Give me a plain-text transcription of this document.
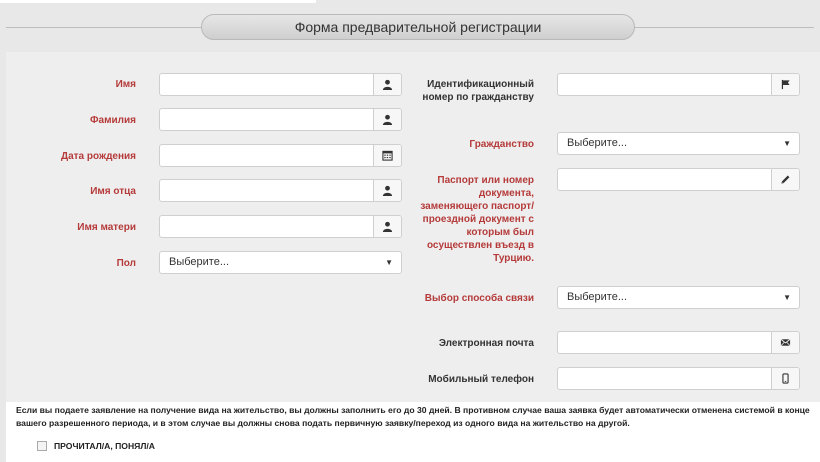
Форма предварительной регистрации
Имя
Фамилия
Дата рождения
Имя отца
Имя матери
Пол	Выберите...	▼
Идентификационный номер по гражданству
Гражданство	Выберите...	▼
Паспорт или номер документа, заменяющего паспорт/ проездной документ с которым был осуществлен въезд в Турцию.
Выбор способа связи	Выберите...	▼
Электронная почта
Мобильный телефон
Если вы подаете заявление на получение вида на жительство, вы должны заполнить его до 30 дней. В противном случае ваша заявка будет автоматически отменена системой в конце вашего разрешенного периода, и в этом случае вы должны снова подать первичную заявку/переход из одного вида на жительство на другой.
ПРОЧИТАЛ/А, ПОНЯЛ/А
